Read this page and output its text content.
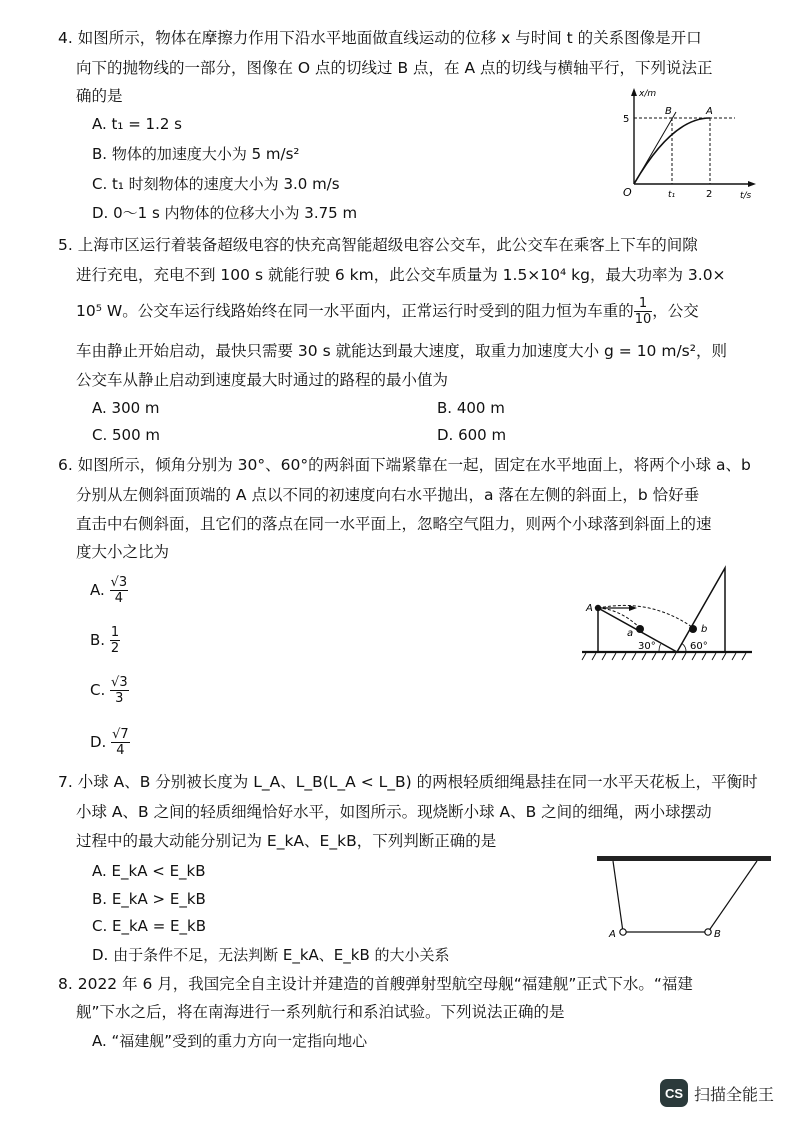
4. 如图所示，物体在摩擦力作用下沿水平地面做直线运动的位移 x 与时间 t 的关系图像是开口
向下的抛物线的一部分，图像在 O 点的切线过 B 点，在 A 点的切线与横轴平行，下列说法正
确的是
A. t₁ = 1.2 s
B. 物体的加速度大小为 5 m/s²
C. t₁ 时刻物体的速度大小为 3.0 m/s
D. 0～1 s 内物体的位移大小为 3.75 m
x/m
t/s
O
5
B	A
t₁	2
5. 上海市区运行着装备超级电容的快充高智能超级电容公交车，此公交车在乘客上下车的间隙
进行充电，充电不到 100 s 就能行驶 6 km，此公交车质量为 1.5×10⁴ kg，最大功率为 3.0×
10⁵ W。公交车运行线路始终在同一水平面内，正常运行时受到的阻力恒为车重的 $\frac{1}{10}$ ，公交
车由静止开始启动，最快只需要 30 s 就能达到最大速度，取重力加速度大小 g = 10 m/s²，则
公交车从静止启动到速度最大时通过的路程的最小值为
A. 300 m	B. 400 m
C. 500 m	D. 600 m
6. 如图所示，倾角分别为 30°、60°的两斜面下端紧靠在一起，固定在水平地面上，将两个小球 a、b
分别从左侧斜面顶端的 A 点以不同的初速度向右水平抛出，a 落在左侧的斜面上，b 恰好垂
直击中右侧斜面，且它们的落点在同一水平面上，忽略空气阻力，则两个小球落到斜面上的速
度大小之比为
A. $\frac{√3}{4}$
B. $\frac{1}{2}$
C. $\frac{√3}{3}$
D. $\frac{√7}{4}$
A
a	b
30°	60°
7. 小球 A、B 分别被长度为 L_A、L_B(L_A < L_B) 的两根轻质细绳悬挂在同一水平天花板上，平衡时
小球 A、B 之间的轻质细绳恰好水平，如图所示。现烧断小球 A、B 之间的细绳，两小球摆动
过程中的最大动能分别记为 E_kA、E_kB，下列判断正确的是
A. E_kA < E_kB
B. E_kA > E_kB
C. E_kA = E_kB
D. 由于条件不足，无法判断 E_kA、E_kB 的大小关系
A	B
8. 2022 年 6 月，我国完全自主设计并建造的首艘弹射型航空母舰“福建舰”正式下水。“福建
舰”下水之后，将在南海进行一系列航行和系泊试验。下列说法正确的是
A. “福建舰”受到的重力方向一定指向地心
CS 扫描全能王
